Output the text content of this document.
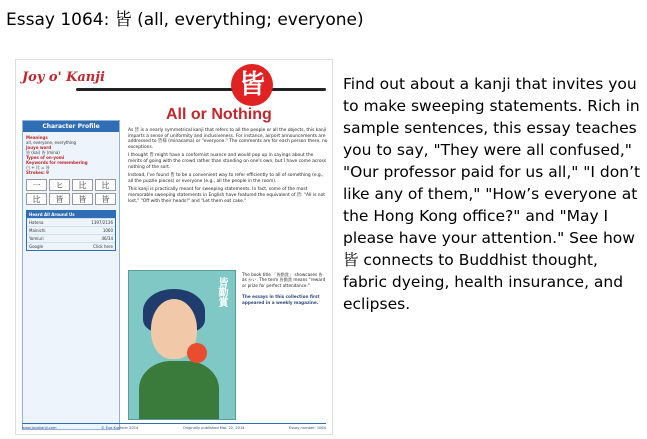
Essay 1064: 皆 (all, everything; everyone)
Joy o' Kanji	皆
All or Nothing
Character Profile
Meanings
all, everyone, everything
Jouyo word
皆 (kai) 皆 (mina)
Types of on-yomi
Keywords for remembering
白 + 比 = 皆
Strokes: 9
一	ヒ	比	比
比	皆	皆	皆
Heard All Around Us
Hatena	1397/2136
Mainichi	1060
Yomiuri	46/34
Google	Click here

As 皆 is a nearly symmetrical kanji that refers to all the people or all the objects, this kanji imparts a sense of uniformity and inclusiveness. For instance, airport announcements are addressed to 皆様 (minasama) or "everyone." The comments are for each person there, no exceptions.

I thought 皆 might have a conformist nuance and would pop up in sayings about the merits of going with the crowd rather than standing on one's own, but I have come across nothing of the sort.

Instead, I've found 皆 to be a convenient way to refer efficiently to all of something (e.g., all the puzzle pieces) or everyone (e.g., all the people in the room).

This kanji is practically meant for sweeping statements. In fact, some of the most memorable sweeping statements in English have featured the equivalent of 皆: "All is not lost," "Off with their heads!" and "Let them eat cake."

皆勤賞
The book title 「皆勤賞」 showcases 皆 as かい. The term 皆勤賞 means "reward or prize for perfect attendance."
The essays in this collection first appeared in a weekly magazine.
www.joyokanji.com	© Eve Kushner 2014	Originally published Mar. 22, 2014	Essay number: 1064
Find out about a kanji that invites you to make sweeping statements. Rich in sample sentences, this essay teaches you to say, "They were all confused," "Our professor paid for us all," "I don’t like any of them," "How’s everyone at the Hong Kong office?" and "May I please have your attention." See how 皆 connects to Buddhist thought, fabric dyeing, health insurance, and eclipses.
